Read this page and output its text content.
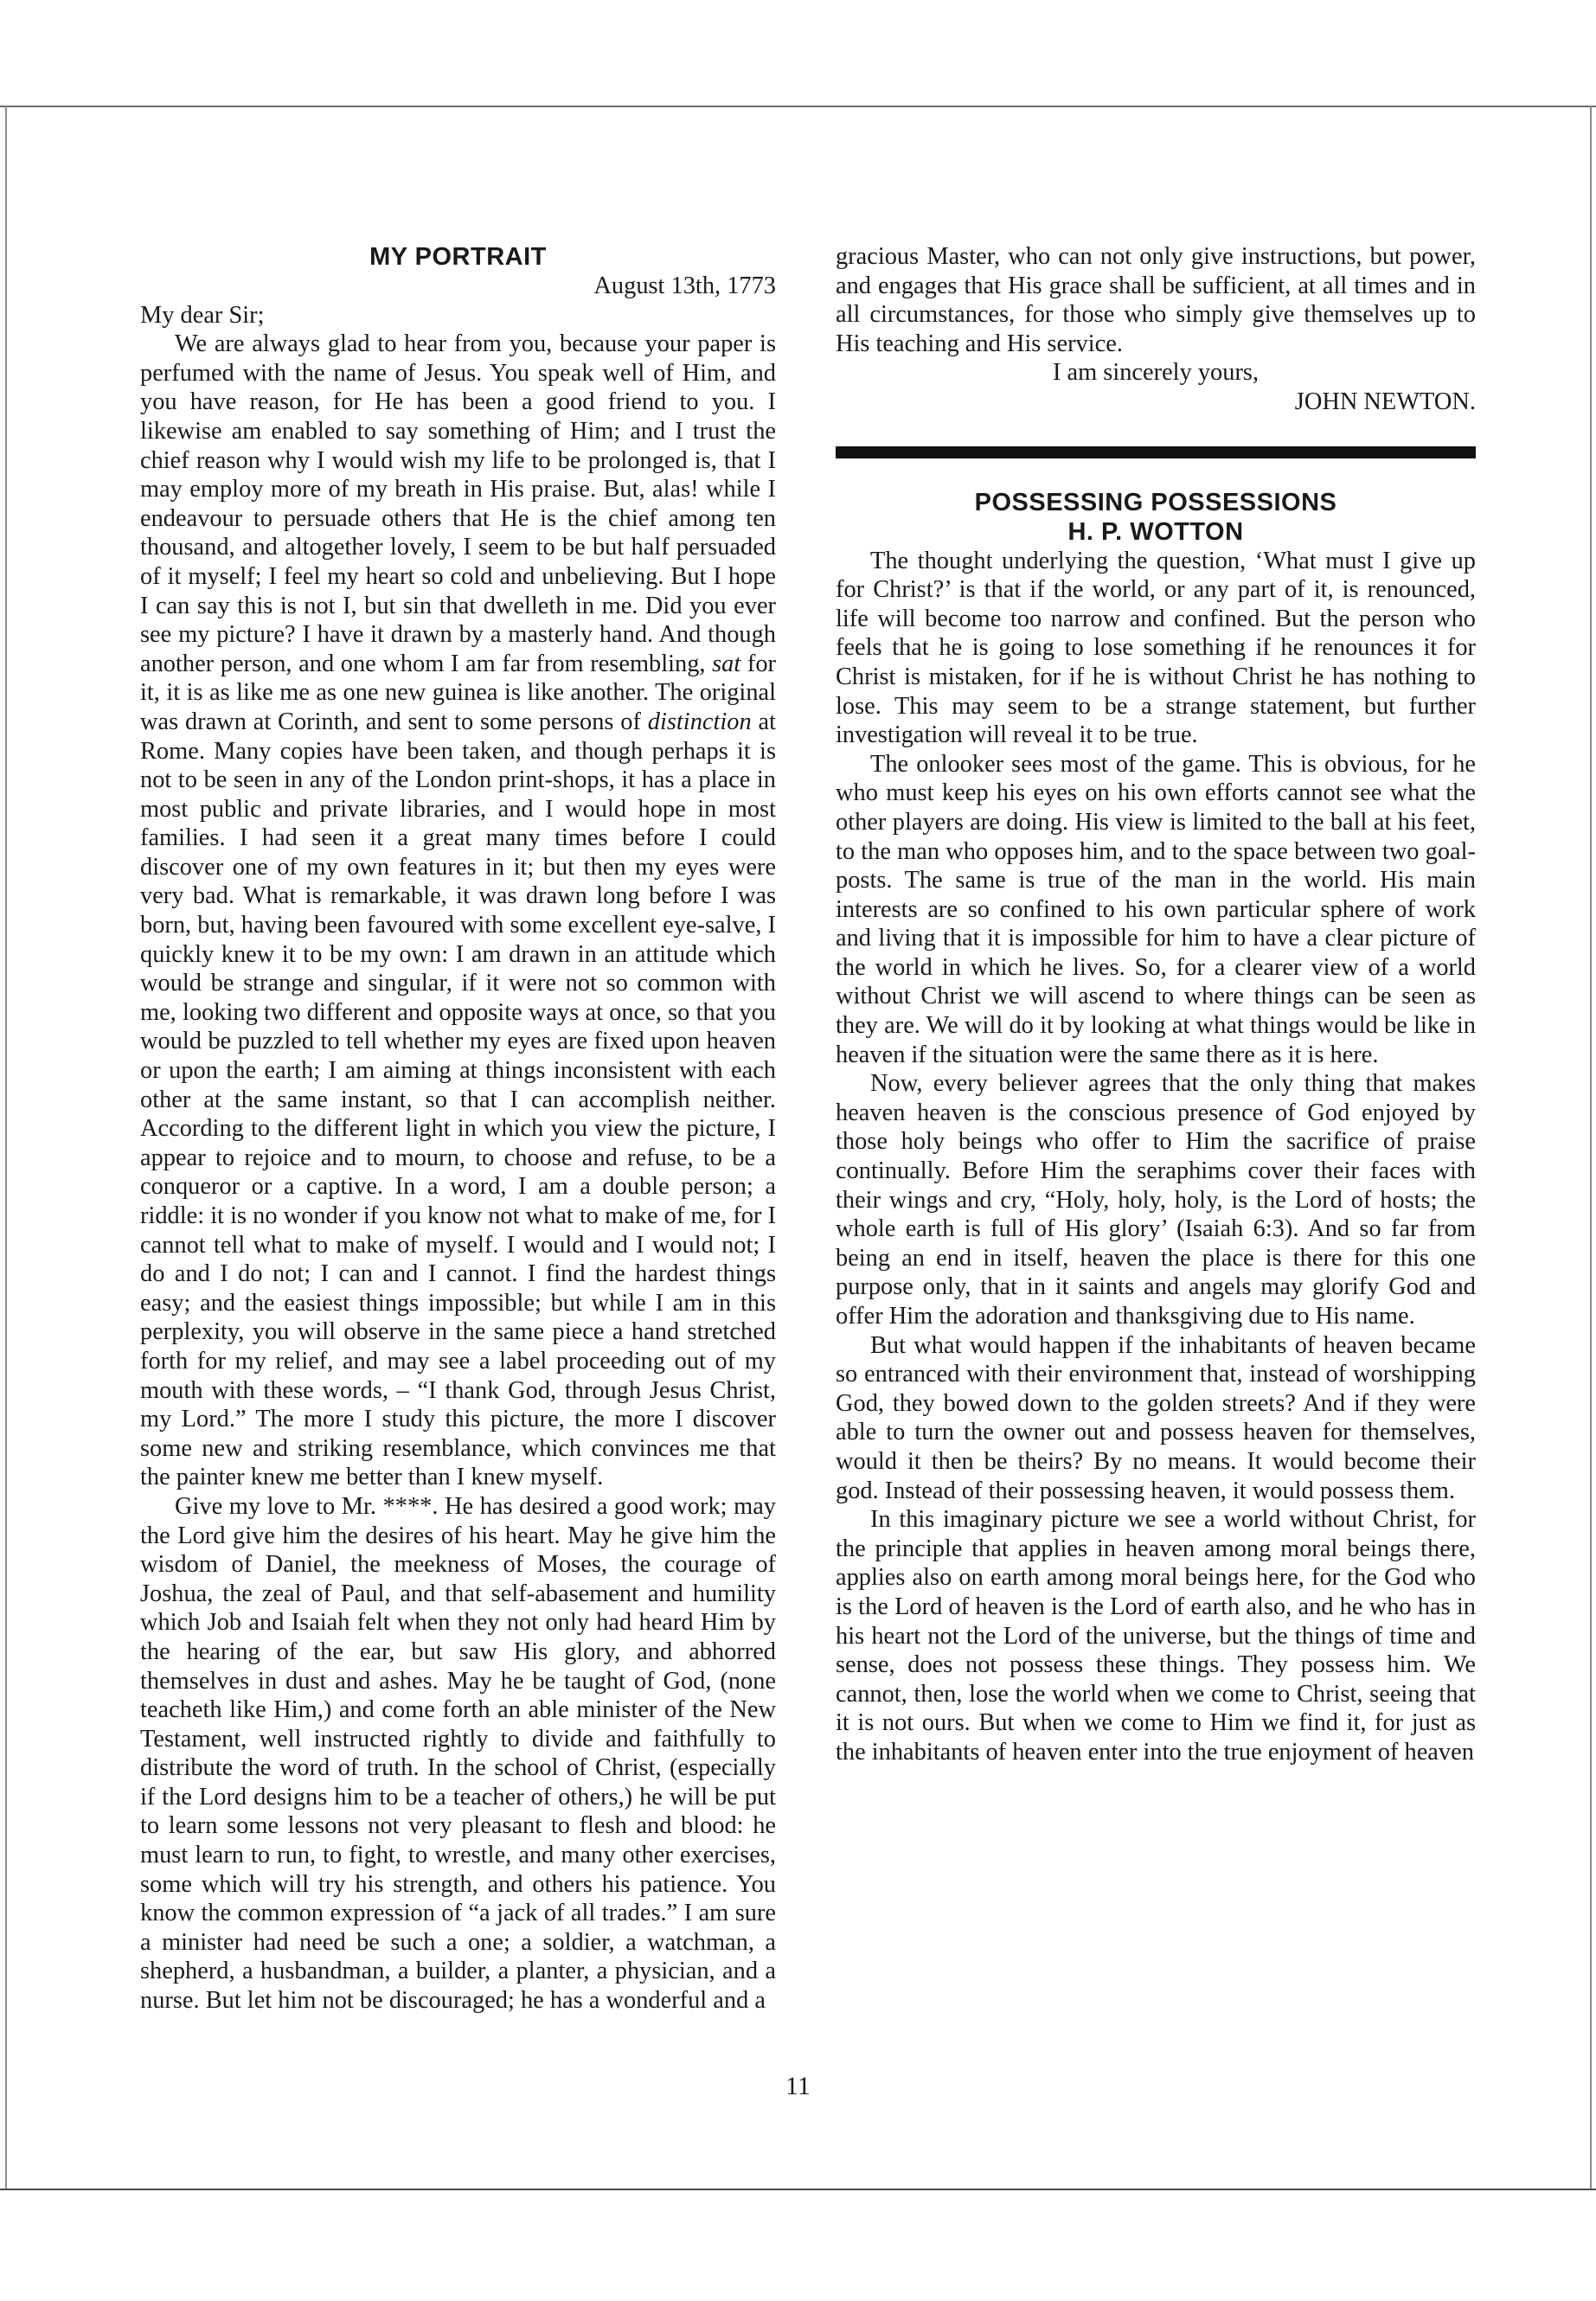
MY PORTRAIT

August 13th, 1773

My dear Sir;

We are always glad to hear from you, because your paper is perfumed with the name of Jesus. You speak well of Him, and you have reason, for He has been a good friend to you. I likewise am enabled to say something of Him; and I trust the chief reason why I would wish my life to be prolonged is, that I may employ more of my breath in His praise. But, alas! while I endeavour to persuade others that He is the chief among ten thousand, and altogether lovely, I seem to be but half persuaded of it myself; I feel my heart so cold and unbelieving. But I hope I can say this is not I, but sin that dwelleth in me. Did you ever see my picture? I have it drawn by a masterly hand. And though another person, and one whom I am far from resembling, sat for it, it is as like me as one new guinea is like another. The original was drawn at Corinth, and sent to some persons of distinction at Rome. Many copies have been taken, and though perhaps it is not to be seen in any of the London print-shops, it has a place in most public and private libraries, and I would hope in most families. I had seen it a great many times before I could discover one of my own features in it; but then my eyes were very bad. What is remarkable, it was drawn long before I was born, but, having been favoured with some excellent eye-salve, I quickly knew it to be my own: I am drawn in an attitude which would be strange and singular, if it were not so common with me, looking two different and opposite ways at once, so that you would be puzzled to tell whether my eyes are fixed upon heaven or upon the earth; I am aiming at things inconsistent with each other at the same instant, so that I can accomplish neither. According to the different light in which you view the picture, I appear to rejoice and to mourn, to choose and refuse, to be a conqueror or a captive. In a word, I am a double person; a riddle: it is no wonder if you know not what to make of me, for I cannot tell what to make of myself. I would and I would not; I do and I do not; I can and I cannot. I find the hardest things easy; and the easiest things impossible; but while I am in this perplexity, you will observe in the same piece a hand stretched forth for my relief, and may see a label proceeding out of my mouth with these words, – “I thank God, through Jesus Christ, my Lord.” The more I study this picture, the more I discover some new and striking resemblance, which convinces me that the painter knew me better than I knew myself.

Give my love to Mr. ****. He has desired a good work; may the Lord give him the desires of his heart. May he give him the wisdom of Daniel, the meekness of Moses, the courage of Joshua, the zeal of Paul, and that self-abasement and humility which Job and Isaiah felt when they not only had heard Him by the hearing of the ear, but saw His glory, and abhorred themselves in dust and ashes. May he be taught of God, (none teacheth like Him,) and come forth an able minister of the New Testament, well instructed rightly to divide and faithfully to distribute the word of truth. In the school of Christ, (especially if the Lord designs him to be a teacher of others,) he will be put to learn some lessons not very pleasant to flesh and blood: he must learn to run, to fight, to wrestle, and many other exercises, some which will try his strength, and others his patience. You know the common expression of “a jack of all trades.” I am sure a minister had need be such a one; a soldier, a watchman, a shepherd, a husbandman, a builder, a planter, a physician, and a nurse. But let him not be discouraged; he has a wonderful and a

gracious Master, who can not only give instructions, but power, and engages that His grace shall be sufficient, at all times and in all circumstances, for those who simply give themselves up to His teaching and His service.

I am sincerely yours,

JOHN NEWTON.

POSSESSING POSSESSIONS
H. P. WOTTON

The thought underlying the question, ‘What must I give up for Christ?’ is that if the world, or any part of it, is renounced, life will become too narrow and confined. But the person who feels that he is going to lose something if he renounces it for Christ is mistaken, for if he is without Christ he has nothing to lose. This may seem to be a strange statement, but further investigation will reveal it to be true.

The onlooker sees most of the game. This is obvious, for he who must keep his eyes on his own efforts cannot see what the other players are doing. His view is limited to the ball at his feet, to the man who opposes him, and to the space between two goal-posts. The same is true of the man in the world. His main interests are so confined to his own particular sphere of work and living that it is impossible for him to have a clear picture of the world in which he lives. So, for a clearer view of a world without Christ we will ascend to where things can be seen as they are. We will do it by looking at what things would be like in heaven if the situation were the same there as it is here.

Now, every believer agrees that the only thing that makes heaven heaven is the conscious presence of God enjoyed by those holy beings who offer to Him the sacrifice of praise continually. Before Him the seraphims cover their faces with their wings and cry, “Holy, holy, holy, is the Lord of hosts; the whole earth is full of His glory’ (Isaiah 6:3). And so far from being an end in itself, heaven the place is there for this one purpose only, that in it saints and angels may glorify God and offer Him the adoration and thanksgiving due to His name.

But what would happen if the inhabitants of heaven became so entranced with their environment that, instead of worshipping God, they bowed down to the golden streets? And if they were able to turn the owner out and possess heaven for themselves, would it then be theirs? By no means. It would become their god. Instead of their possessing heaven, it would possess them.

In this imaginary picture we see a world without Christ, for the principle that applies in heaven among moral beings there, applies also on earth among moral beings here, for the God who is the Lord of heaven is the Lord of earth also, and he who has in his heart not the Lord of the universe, but the things of time and sense, does not possess these things. They possess him. We cannot, then, lose the world when we come to Christ, seeing that it is not ours. But when we come to Him we find it, for just as the inhabitants of heaven enter into the true enjoyment of heaven

11
